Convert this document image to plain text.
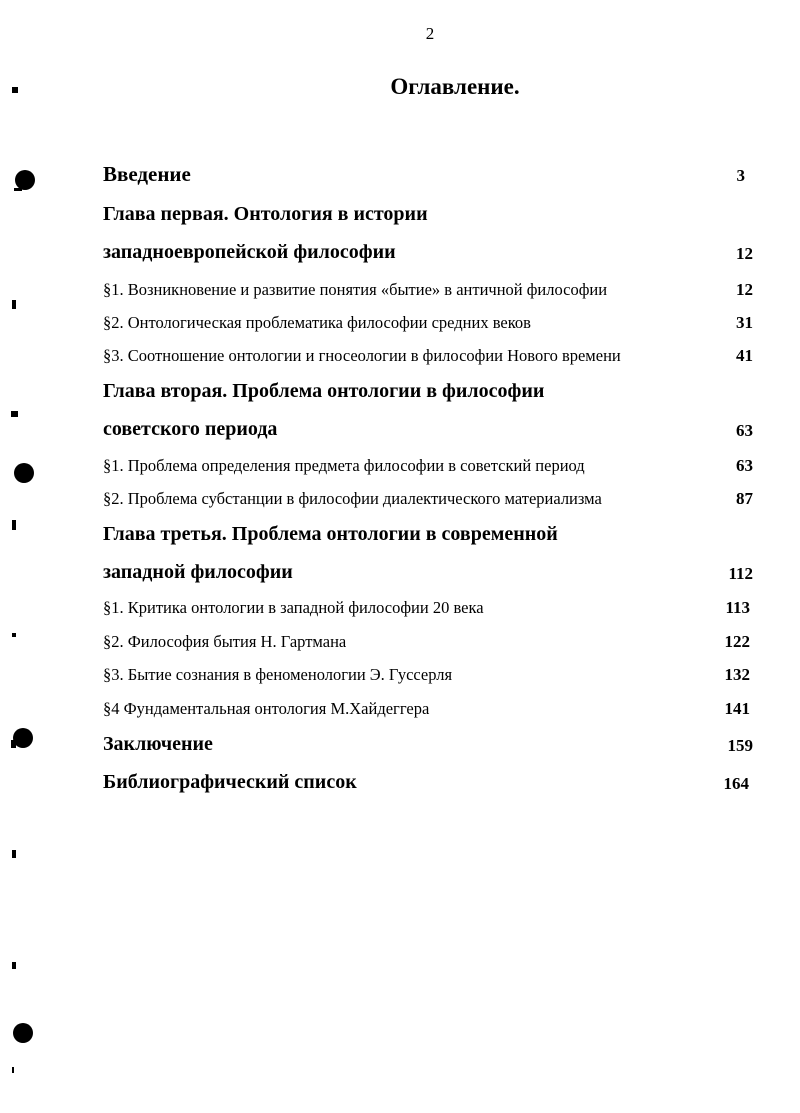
2
Оглавление.
Введение	3
Глава первая. Онтология в истории
западноевропейской философии	12
§1. Возникновение и развитие понятия «бытие» в античной философии	12
§2. Онтологическая проблематика философии средних веков	31
§3. Соотношение онтологии и гносеологии в философии Нового времени	41
Глава вторая. Проблема онтологии в философии
советского периода	63
§1. Проблема определения предмета философии в советский период	63
§2. Проблема субстанции в философии диалектического материализма	87
Глава третья. Проблема онтологии в современной
западной философии	112
§1. Критика онтологии в западной философии 20 века	113
§2. Философия бытия Н. Гартмана	122
§3. Бытие сознания в феноменологии Э. Гуссерля	132
§4 Фундаментальная онтология М.Хайдеггера	141
Заключение	159
Библиографический список	164
